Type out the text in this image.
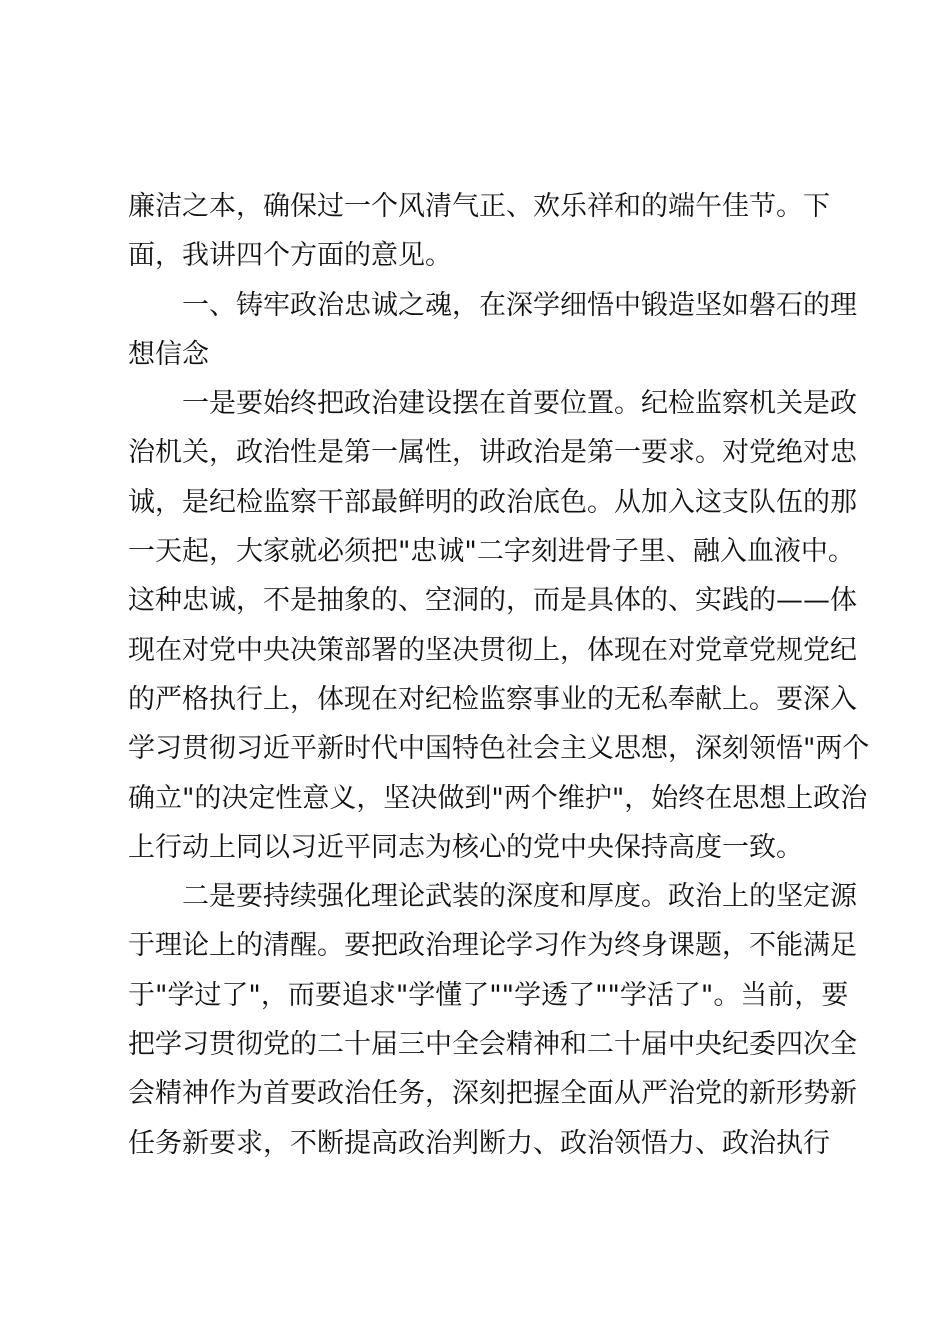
廉洁之本，确保过一个风清气正、欢乐祥和的端午佳节。下
面，我讲四个方面的意见。
一、铸牢政治忠诚之魂，在深学细悟中锻造坚如磐石的理
想信念
一是要始终把政治建设摆在首要位置。纪检监察机关是政
治机关，政治性是第一属性，讲政治是第一要求。对党绝对忠
诚，是纪检监察干部最鲜明的政治底色。从加入这支队伍的那
一天起，大家就必须把"忠诚"二字刻进骨子里、融入血液中。
这种忠诚，不是抽象的、空洞的，而是具体的、实践的——体
现在对党中央决策部署的坚决贯彻上，体现在对党章党规党纪
的严格执行上，体现在对纪检监察事业的无私奉献上。要深入
学习贯彻习近平新时代中国特色社会主义思想，深刻领悟"两个
确立"的决定性意义，坚决做到"两个维护"，始终在思想上政治
上行动上同以习近平同志为核心的党中央保持高度一致。
二是要持续强化理论武装的深度和厚度。政治上的坚定源
于理论上的清醒。要把政治理论学习作为终身课题，不能满足
于"学过了"，而要追求"学懂了""学透了""学活了"。当前，要
把学习贯彻党的二十届三中全会精神和二十届中央纪委四次全
会精神作为首要政治任务，深刻把握全面从严治党的新形势新
任务新要求，不断提高政治判断力、政治领悟力、政治执行
